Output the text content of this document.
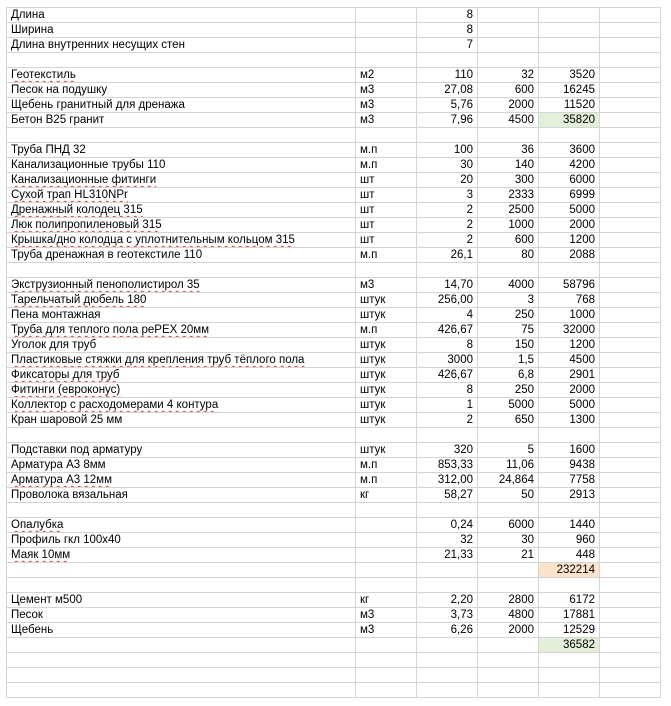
Длина		8			
Ширина		8			
Длина внутренних несущих стен		7			

Геотекстиль	м2	110	32	3520	
Песок на подушку	м3	27,08	600	16245	
Щебень гранитный для дренажа	м3	5,76	2000	11520	
Бетон В25 гранит	м3	7,96	4500	35820	

Труба ПНД 32	м.п	100	36	3600	
Канализационные трубы 110	м.п	30	140	4200	
Канализационные фитинги	шт	20	300	6000	
Сухой трап HL310NPr	шт	3	2333	6999	
Дренажный колодец 315	шт	2	2500	5000	
Люк полипропиленовый 315	шт	2	1000	2000	
Крышка/дно колодца с уплотнительным кольцом 315	шт	2	600	1200	
Труба дренажная в геотекстиле 110	м.п	26,1	80	2088	

Экструзионный пенополистирол 35	м3	14,70	4000	58796	
Тарельчатый дюбель 180	штук	256,00	3	768	
Пена монтажная	штук	4	250	1000	
Труба для теплого пола pePEX 20мм	м.п	426,67	75	32000	
Уголок для труб	штук	8	150	1200	
Пластиковые стяжки для крепления труб тёплого пола	штук	3000	1,5	4500	
Фиксаторы для труб	штук	426,67	6,8	2901	
Фитинги (евроконус)	штук	8	250	2000	
Коллектор с расходомерами 4 контура	штук	1	5000	5000	
Кран шаровой 25 мм	штук	2	650	1300	

Подставки под арматуру	штук	320	5	1600	
Арматура А3 8мм	м.п	853,33	11,06	9438	
Арматура А3 12мм	м.п	312,00	24,864	7758	
Проволока вязальная	кг	58,27	50	2913	

Опалубка		0,24	6000	1440	
Профиль гкл 100х40		32	30	960	
Маяк 10мм		21,33	21	448	
				232214	

Цемент м500	кг	2,20	2800	6172	
Песок	м3	3,73	4800	17881	
Щебень	м3	6,26	2000	12529	
				36582	
